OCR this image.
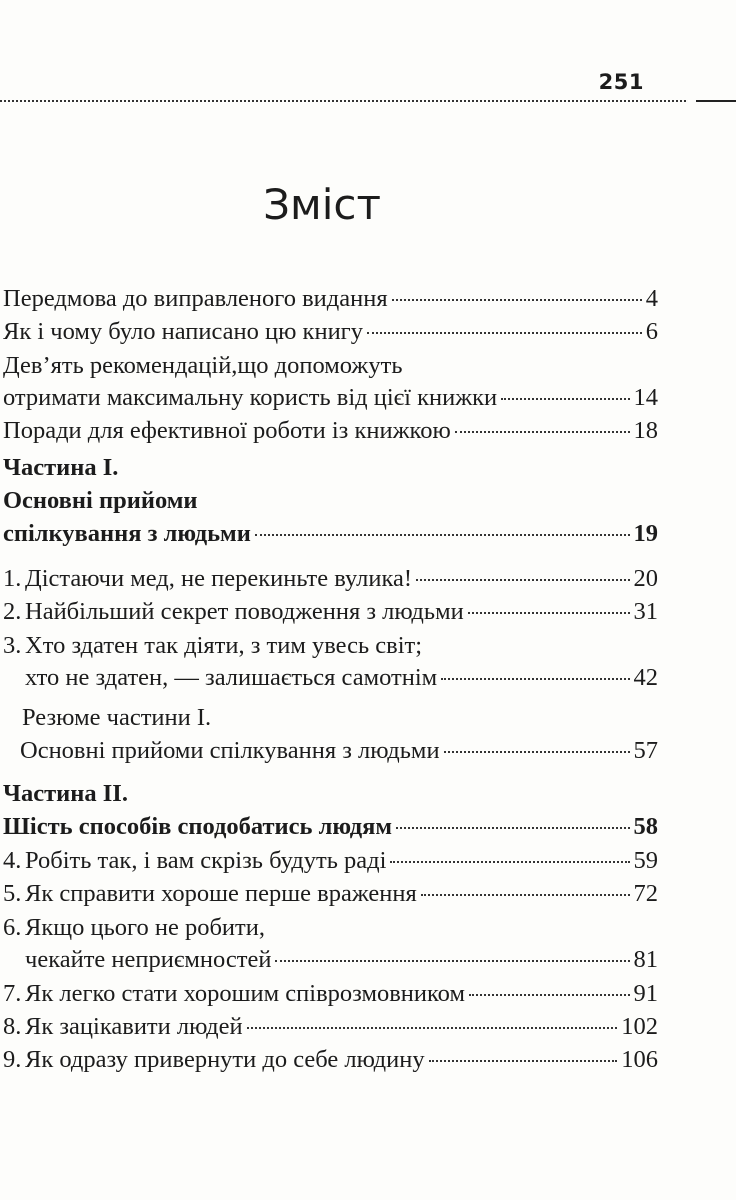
251
Зміст
Передмова до виправленого видання	4
Як і чому було написано цю книгу	6
Дев’ять рекомендацій,що допоможуть
отримати максимальну користь від цієї книжки	14
Поради для ефективної роботи із книжкою	18
Частина І.
Основні прийоми
спілкування з людьми	19
1. Дістаючи мед, не перекиньте вулика!	20
2. Найбільший секрет поводження з людьми	31
3. Хто здатен так діяти, з тим увесь світ;
хто не здатен, — залишається самотнім	42
Резюме частини І.
Основні прийоми спілкування з людьми	57
Частина ІІ.
Шість способів сподобатись людям	58
4. Робіть так, і вам скрізь будуть раді	59
5. Як справити хороше перше враження	72
6. Якщо цього не робити,
чекайте неприємностей	81
7. Як легко стати хорошим співрозмовником	91
8. Як зацікавити людей	102
9. Як одразу привернути до себе людину	106
